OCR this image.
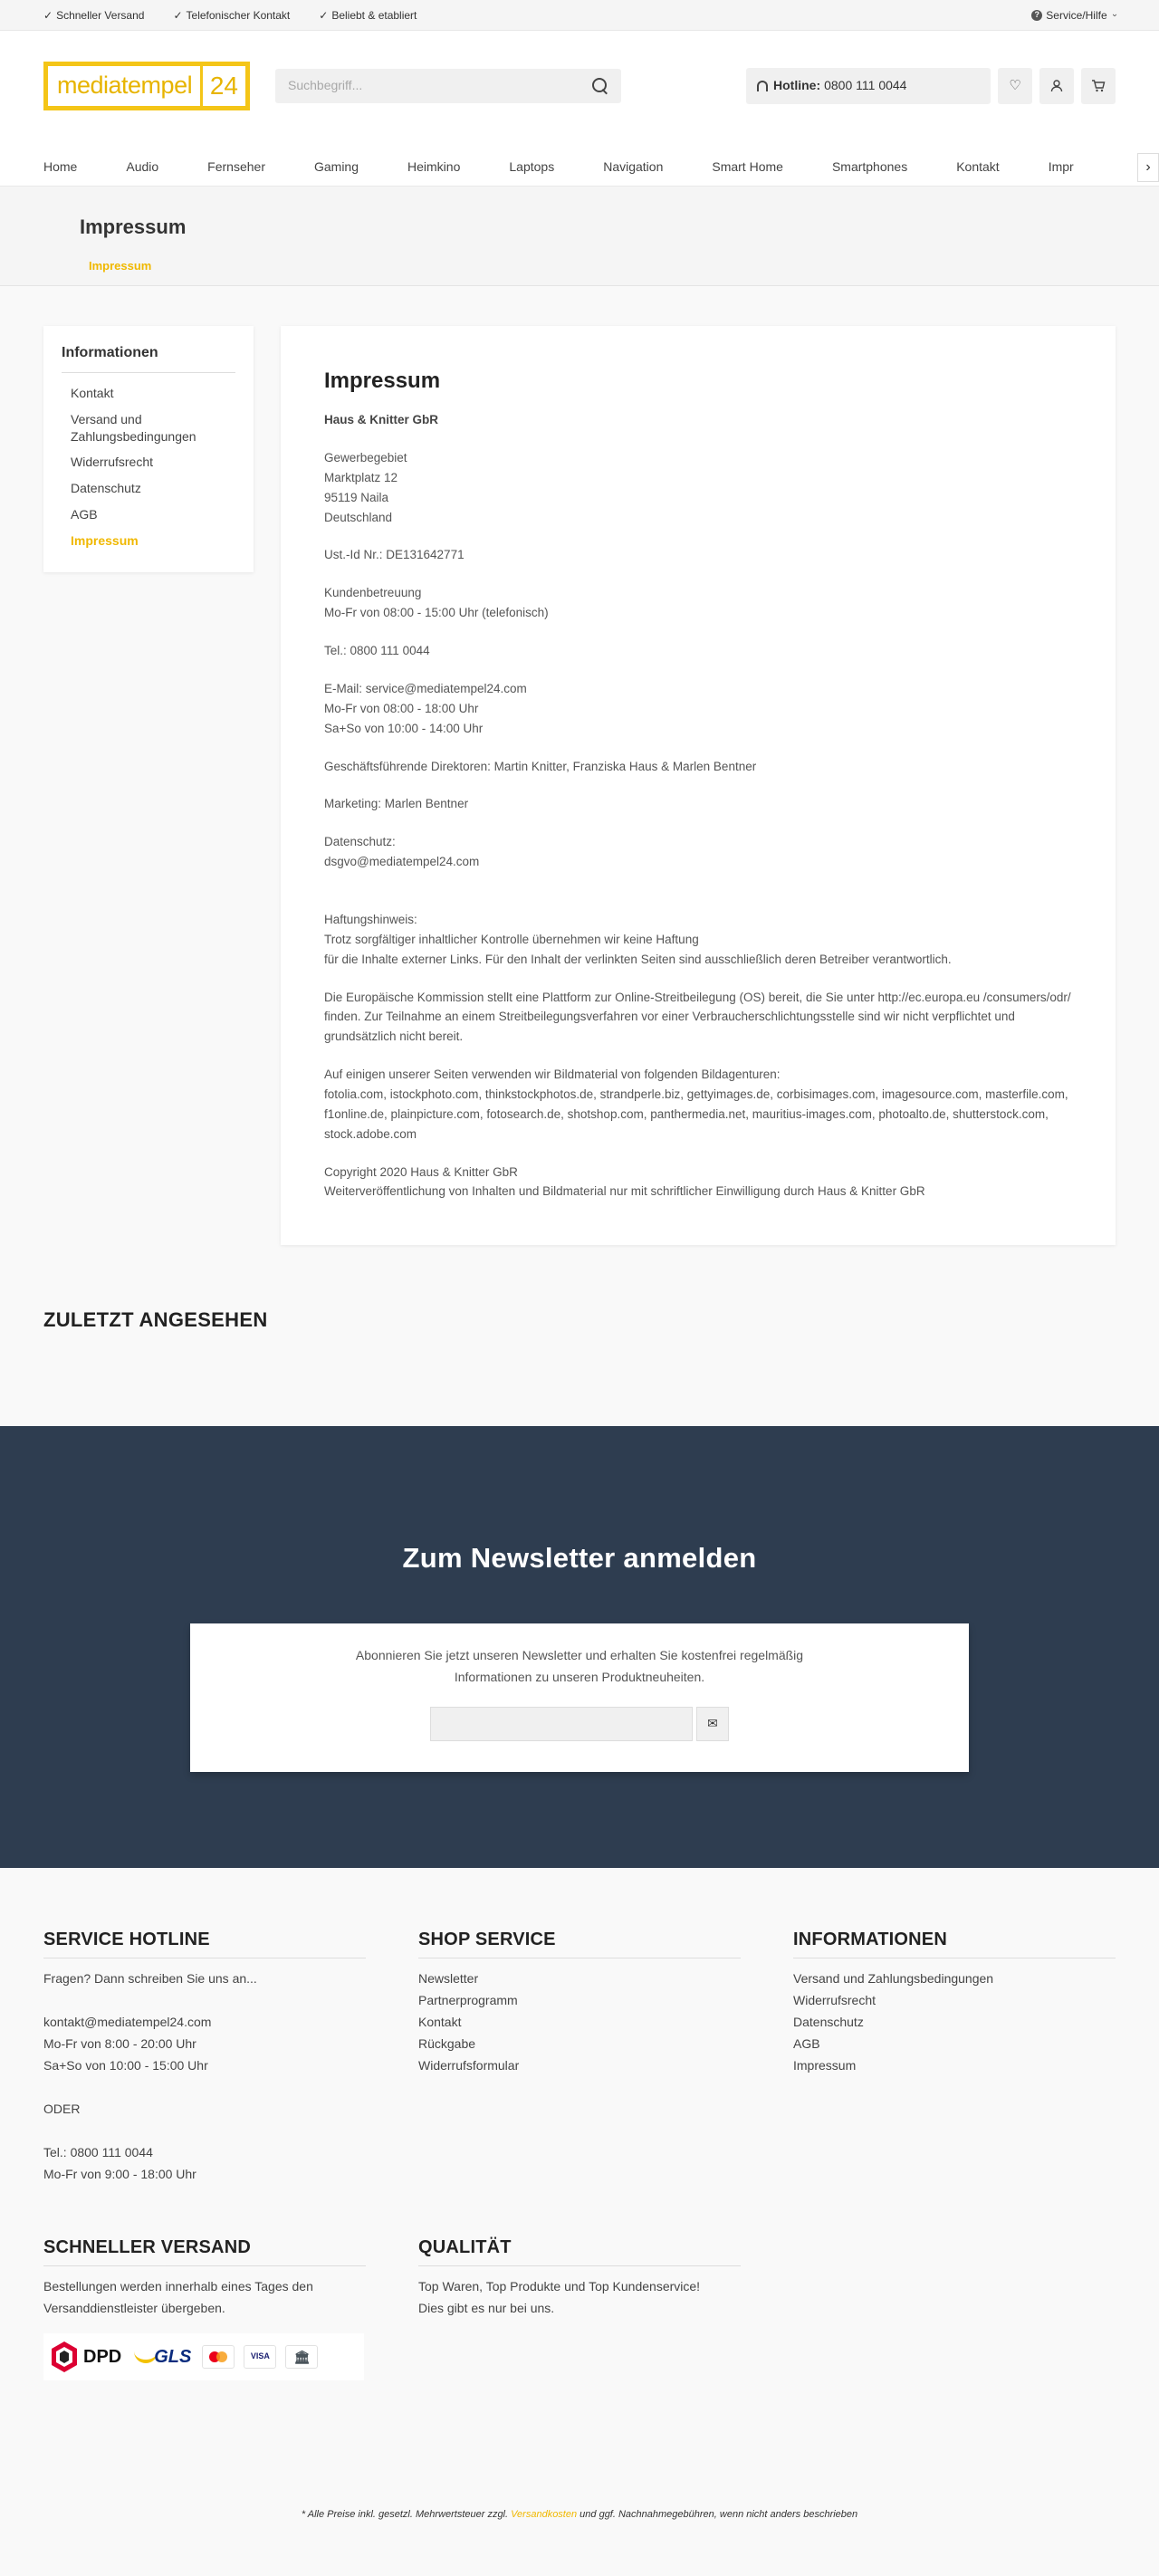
✓ Schneller Versand	✓ Telefonischer Kontakt	✓ Beliebt & etabliert	? Service/Hilfe ›
mediatempel 24	Suchbegriff...	Hotline: 0800 111 0044	♡
Home	Audio	Fernseher	Gaming	Heimkino	Laptops	Navigation	Smart Home	Smartphones	Kontakt	Impr	›
Impressum
Impressum
Informationen
Kontakt
Versand und Zahlungsbedingungen
Widerrufsrecht
Datenschutz
AGB
Impressum
Impressum

Haus & Knitter GbR

Gewerbegebiet
Marktplatz 12
95119 Naila
Deutschland

Ust.-Id Nr.: DE131642771

Kundenbetreuung
Mo-Fr von 08:00 - 15:00 Uhr (telefonisch)

Tel.: 0800 111 0044

E-Mail: service@mediatempel24.com
Mo-Fr von 08:00 - 18:00 Uhr
Sa+So von 10:00 - 14:00 Uhr

Geschäftsführende Direktoren: Martin Knitter, Franziska Haus & Marlen Bentner

Marketing: Marlen Bentner

Datenschutz:
dsgvo@mediatempel24.com

Haftungshinweis:
Trotz sorgfältiger inhaltlicher Kontrolle übernehmen wir keine Haftung
für die Inhalte externer Links. Für den Inhalt der verlinkten Seiten sind ausschließlich deren Betreiber verantwortlich.

Die Europäische Kommission stellt eine Plattform zur Online-Streitbeilegung (OS) bereit, die Sie unter http://ec.europa.eu /consumers/odr/ finden. Zur Teilnahme an einem Streitbeilegungsverfahren vor einer Verbraucherschlichtungsstelle sind wir nicht verpflichtet und grundsätzlich nicht bereit.

Auf einigen unserer Seiten verwenden wir Bildmaterial von folgenden Bildagenturen:
fotolia.com, istockphoto.com, thinkstockphotos.de, strandperle.biz, gettyimages.de, corbisimages.com, imagesource.com, masterfile.com, f1online.de, plainpicture.com, fotosearch.de, shotshop.com, panthermedia.net, mauritius-images.com, photoalto.de, shutterstock.com, stock.adobe.com

Copyright 2020 Haus & Knitter GbR
Weiterveröffentlichung von Inhalten und Bildmaterial nur mit schriftlicher Einwilligung durch Haus & Knitter GbR

ZULETZT ANGESEHEN
Zum Newsletter anmelden

Abonnieren Sie jetzt unseren Newsletter und erhalten Sie kostenfrei regelmäßig
Informationen zu unseren Produktneuheiten.

✉
SERVICE HOTLINE
Fragen? Dann schreiben Sie uns an...
kontakt@mediatempel24.com
Mo-Fr von 8:00 - 20:00 Uhr
Sa+So von 10:00 - 15:00 Uhr
ODER
Tel.: 0800 111 0044
Mo-Fr von 9:00 - 18:00 Uhr
SHOP SERVICE
Newsletter
Partnerprogramm
Kontakt
Rückgabe
Widerrufsformular
INFORMATIONEN
Versand und Zahlungsbedingungen
Widerrufsrecht
Datenschutz
AGB
Impressum
SCHNELLER VERSAND
Bestellungen werden innerhalb eines Tages den
Versanddienstleister übergeben.
DPD GLS	VISA	🏛
QUALITÄT
Top Waren, Top Produkte und Top Kundenservice!
Dies gibt es nur bei uns.
* Alle Preise inkl. gesetzl. Mehrwertsteuer zzgl. Versandkosten und ggf. Nachnahmegebühren, wenn nicht anders beschrieben
